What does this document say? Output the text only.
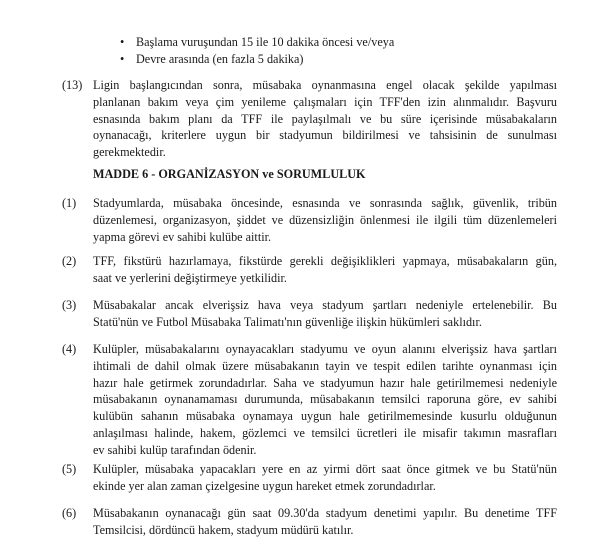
• Başlama vuruşundan 15 ile 10 dakika öncesi ve/veya
• Devre arasında (en fazla 5 dakika)
(13) Ligin başlangıcından sonra, müsabaka oynanmasına engel olacak şekilde yapılması
planlanan bakım veya çim yenileme çalışmaları için TFF'den izin alınmalıdır. Başvuru
esnasında bakım planı da TFF ile paylaşılmalı ve bu süre içerisinde müsabakaların
oynanacağı, kriterlere uygun bir stadyumun bildirilmesi ve tahsisinin de sunulması
gerekmektedir.
MADDE 6 - ORGANİZASYON ve SORUMLULUK
(1) Stadyumlarda, müsabaka öncesinde, esnasında ve sonrasında sağlık, güvenlik, tribün
düzenlemesi, organizasyon, şiddet ve düzensizliğin önlenmesi ile ilgili tüm düzenlemeleri
yapma görevi ev sahibi kulübe aittir.
(2) TFF, fikstürü hazırlamaya, fikstürde gerekli değişiklikleri yapmaya, müsabakaların gün,
saat ve yerlerini değiştirmeye yetkilidir.
(3) Müsabakalar ancak elverişsiz hava veya stadyum şartları nedeniyle ertelenebilir. Bu
Statü'nün ve Futbol Müsabaka Talimatı'nın güvenliğe ilişkin hükümleri saklıdır.
(4) Kulüpler, müsabakalarını oynayacakları stadyumu ve oyun alanını elverişsiz hava şartları
ihtimali de dahil olmak üzere müsabakanın tayin ve tespit edilen tarihte oynanması için
hazır hale getirmek zorundadırlar. Saha ve stadyumun hazır hale getirilmemesi nedeniyle
müsabakanın oynanamaması durumunda, müsabakanın temsilci raporuna göre, ev sahibi
kulübün sahanın müsabaka oynamaya uygun hale getirilmemesinde kusurlu olduğunun
anlaşılması halinde, hakem, gözlemci ve temsilci ücretleri ile misafir takımın masrafları
ev sahibi kulüp tarafından ödenir.
(5) Kulüpler, müsabaka yapacakları yere en az yirmi dört saat önce gitmek ve bu Statü'nün
ekinde yer alan zaman çizelgesine uygun hareket etmek zorundadırlar.
(6) Müsabakanın oynanacağı gün saat 09.30'da stadyum denetimi yapılır. Bu denetime TFF
Temsilcisi, dördüncü hakem, stadyum müdürü katılır.
